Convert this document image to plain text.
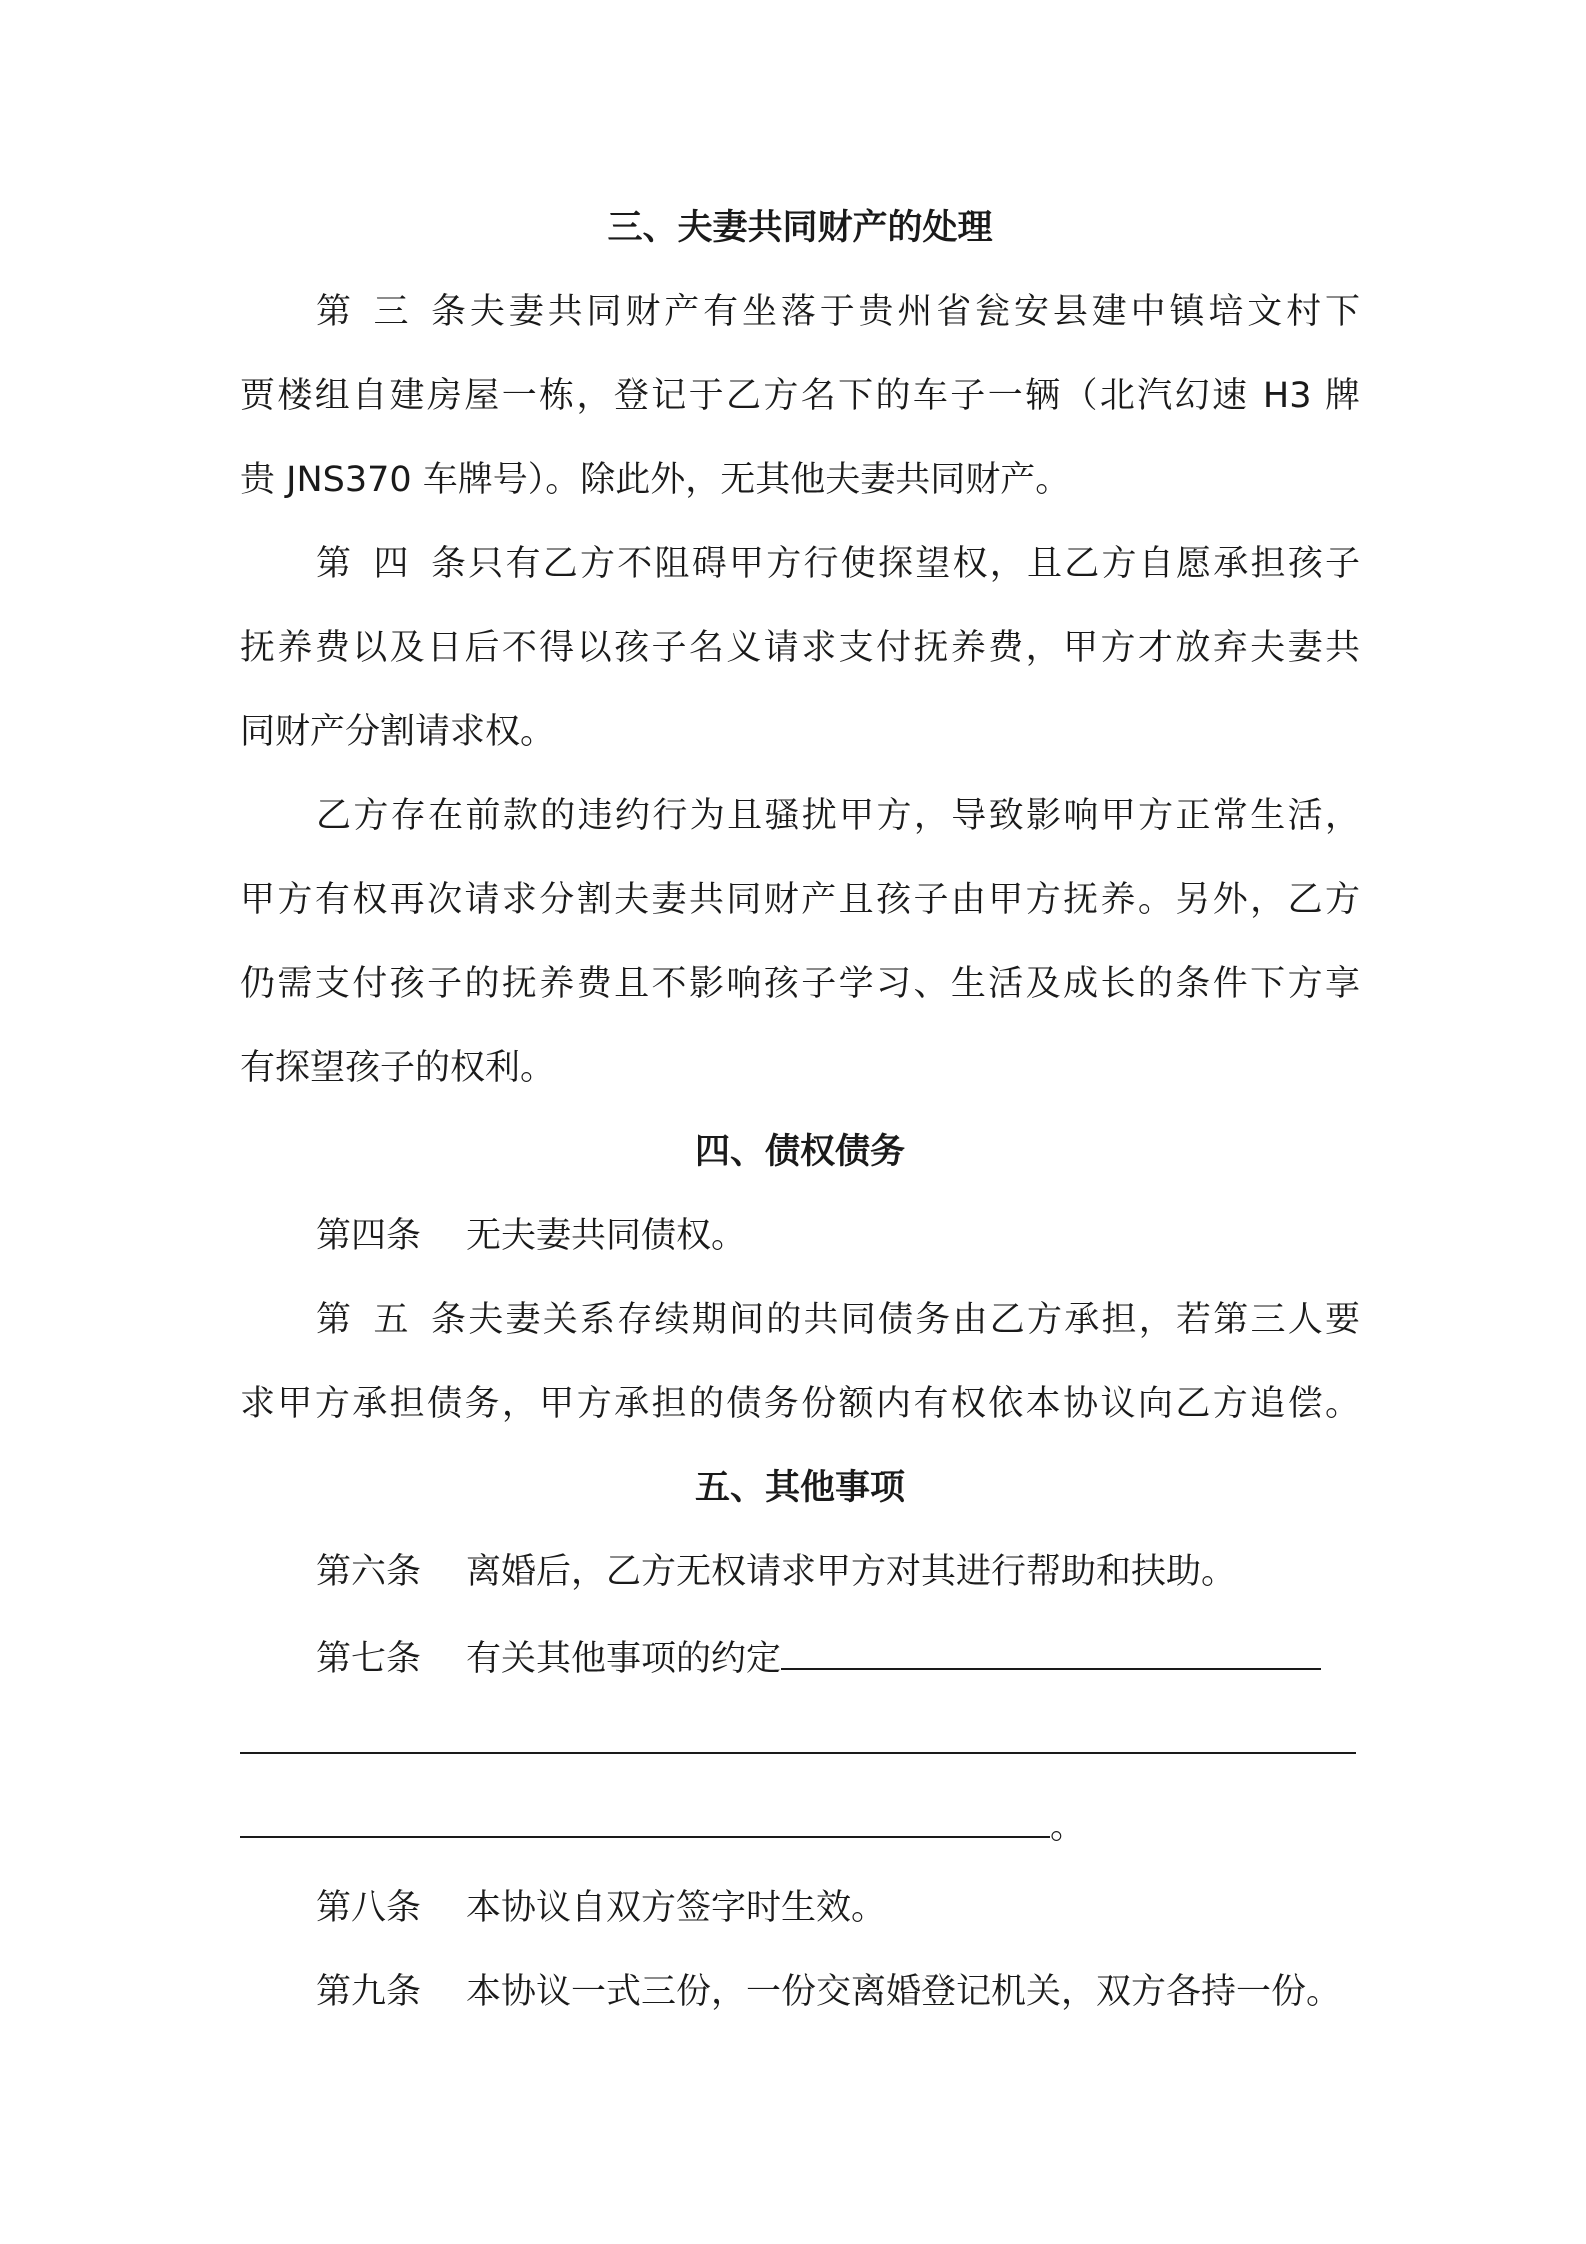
三、夫妻共同财产的处理
第三条夫妻共同财产有坐落于贵州省瓮安县建中镇培文村下
贾楼组自建房屋一栋，登记于乙方名下的车子一辆（北汽幻速 H3 牌
贵 JNS370 车牌号）。除此外，无其他夫妻共同财产。
第四条只有乙方不阻碍甲方行使探望权，且乙方自愿承担孩子
抚养费以及日后不得以孩子名义请求支付抚养费，甲方才放弃夫妻共
同财产分割请求权。
乙方存在前款的违约行为且骚扰甲方，导致影响甲方正常生活，
甲方有权再次请求分割夫妻共同财产且孩子由甲方抚养。另外，乙方
仍需支付孩子的抚养费且不影响孩子学习、生活及成长的条件下方享
有探望孩子的权利。
四、债权债务
第四条 无夫妻共同债权。
第五条夫妻关系存续期间的共同债务由乙方承担，若第三人要
求甲方承担债务，甲方承担的债务份额内有权依本协议向乙方追偿。
五、其他事项
第六条 离婚后，乙方无权请求甲方对其进行帮助和扶助。
第七条 有关其他事项的约定
。
第八条 本协议自双方签字时生效。
第九条 本协议一式三份，一份交离婚登记机关，双方各持一份。
